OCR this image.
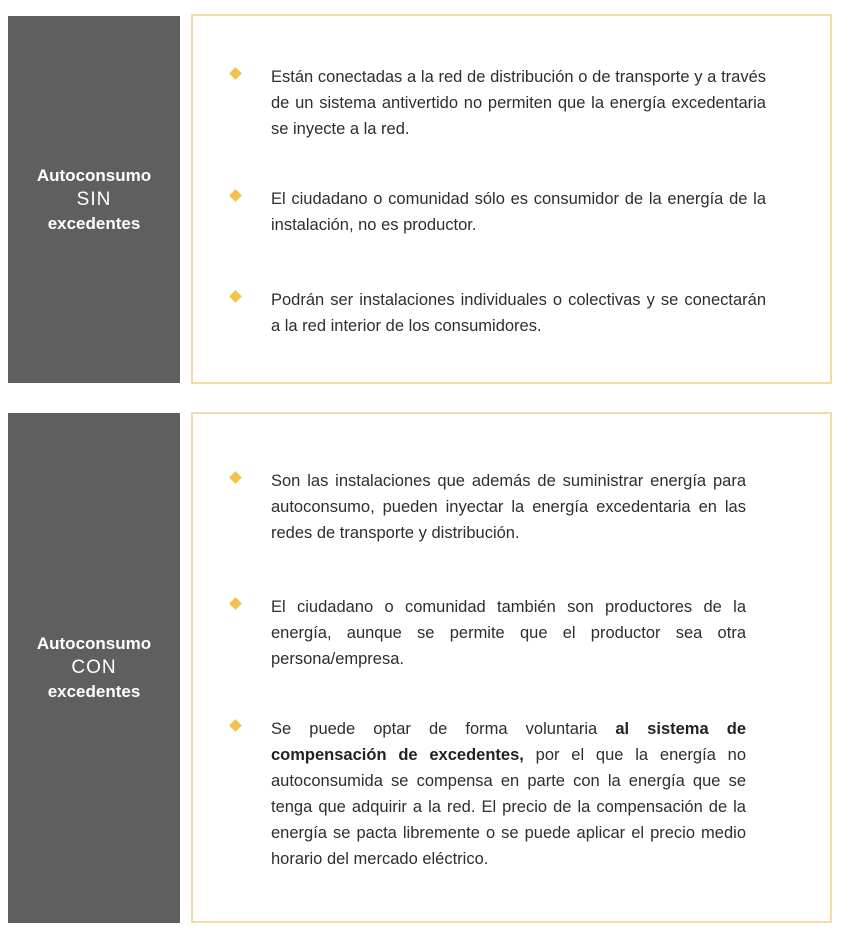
Autoconsumo
SIN
excedentes

Están conectadas a la red de distribución o de transporte y a través de un sistema antivertido no permiten que la energía excedentaria se inyecte a la red.

El ciudadano o comunidad sólo es consumidor de la energía de la instalación, no es productor.

Podrán ser instalaciones individuales o colectivas y se conectarán a la red interior de los consumidores.

Autoconsumo
CON
excedentes

Son las instalaciones que además de suministrar energía para autoconsumo, pueden inyectar la energía excedentaria en las redes de transporte y distribución.

El ciudadano o comunidad también son productores de la energía, aunque se permite que el productor sea otra persona/empresa.

Se puede optar de forma voluntaria al sistema de compensación de excedentes, por el que la energía no autoconsumida se compensa en parte con la energía que se tenga que adquirir a la red. El precio de la compensación de la energía se pacta libremente o se puede aplicar el precio medio horario del mercado eléctrico.
